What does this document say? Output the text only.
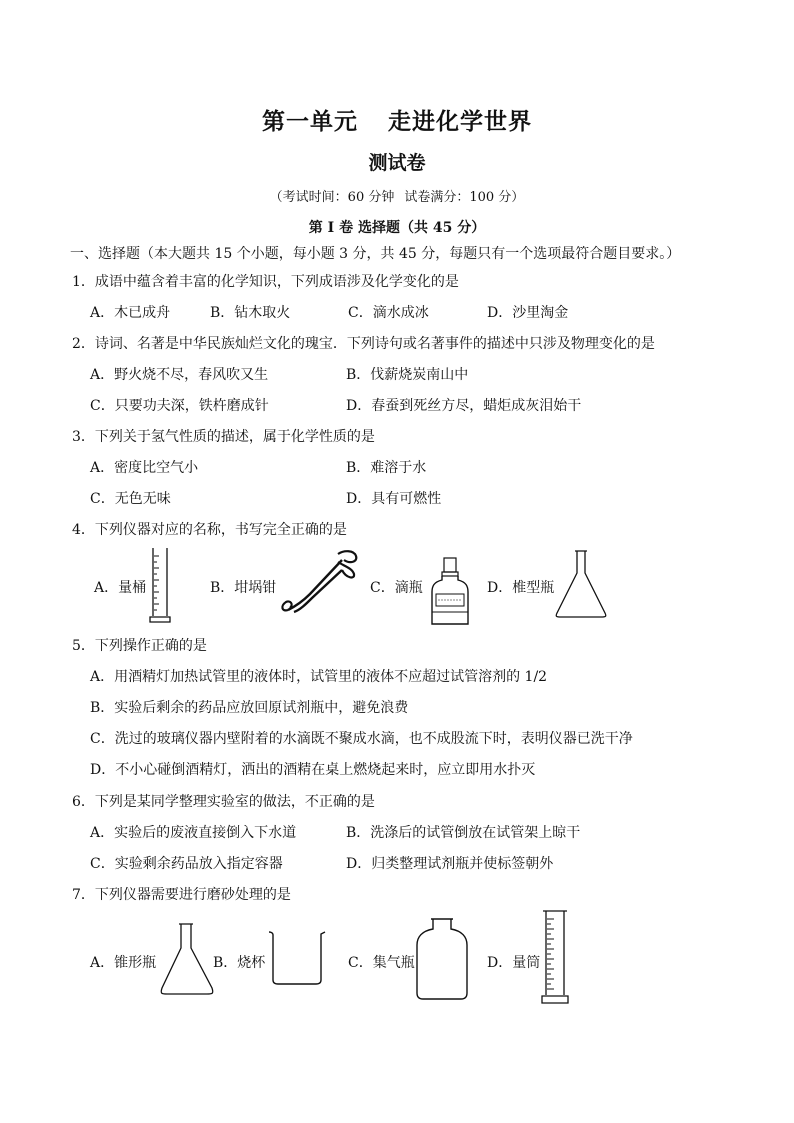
第一单元 走进化学世界
测试卷
（考试时间：60 分钟 试卷满分：100 分）
第 I 卷 选择题（共 45 分）
一、选择题（本大题共 15 个小题，每小题 3 分，共 45 分，每题只有一个选项最符合题目要求。）
1．成语中蕴含着丰富的化学知识，下列成语涉及化学变化的是
A．木已成舟	B．钻木取火	C．滴水成冰	D．沙里淘金
2．诗词、名著是中华民族灿烂文化的瑰宝．下列诗句或名著事件的描述中只涉及物理变化的是
A．野火烧不尽，春风吹又生	B．伐薪烧炭南山中
C．只要功夫深，铁杵磨成针	D．春蚕到死丝方尽，蜡炬成灰泪始干
3．下列关于氢气性质的描述，属于化学性质的是
A．密度比空气小	B．难溶于水
C．无色无味	D．具有可燃性
4．下列仪器对应的名称，书写完全正确的是
A．量桶	B．坩埚钳	C．滴瓶	D．椎型瓶
5．下列操作正确的是
A．用酒精灯加热试管里的液体时，试管里的液体不应超过试管溶剂的 1/2
B．实验后剩余的药品应放回原试剂瓶中，避免浪费
C．洗过的玻璃仪器内壁附着的水滴既不聚成水滴，也不成股流下时，表明仪器已洗干净
D．不小心碰倒酒精灯，洒出的酒精在桌上燃烧起来时，应立即用水扑灭
6．下列是某同学整理实验室的做法，不正确的是
A．实验后的废液直接倒入下水道	B．洗涤后的试管倒放在试管架上晾干
C．实验剩余药品放入指定容器	D．归类整理试剂瓶并使标签朝外
7．下列仪器需要进行磨砂处理的是
A．锥形瓶	B．烧杯	C．集气瓶	D．量筒
